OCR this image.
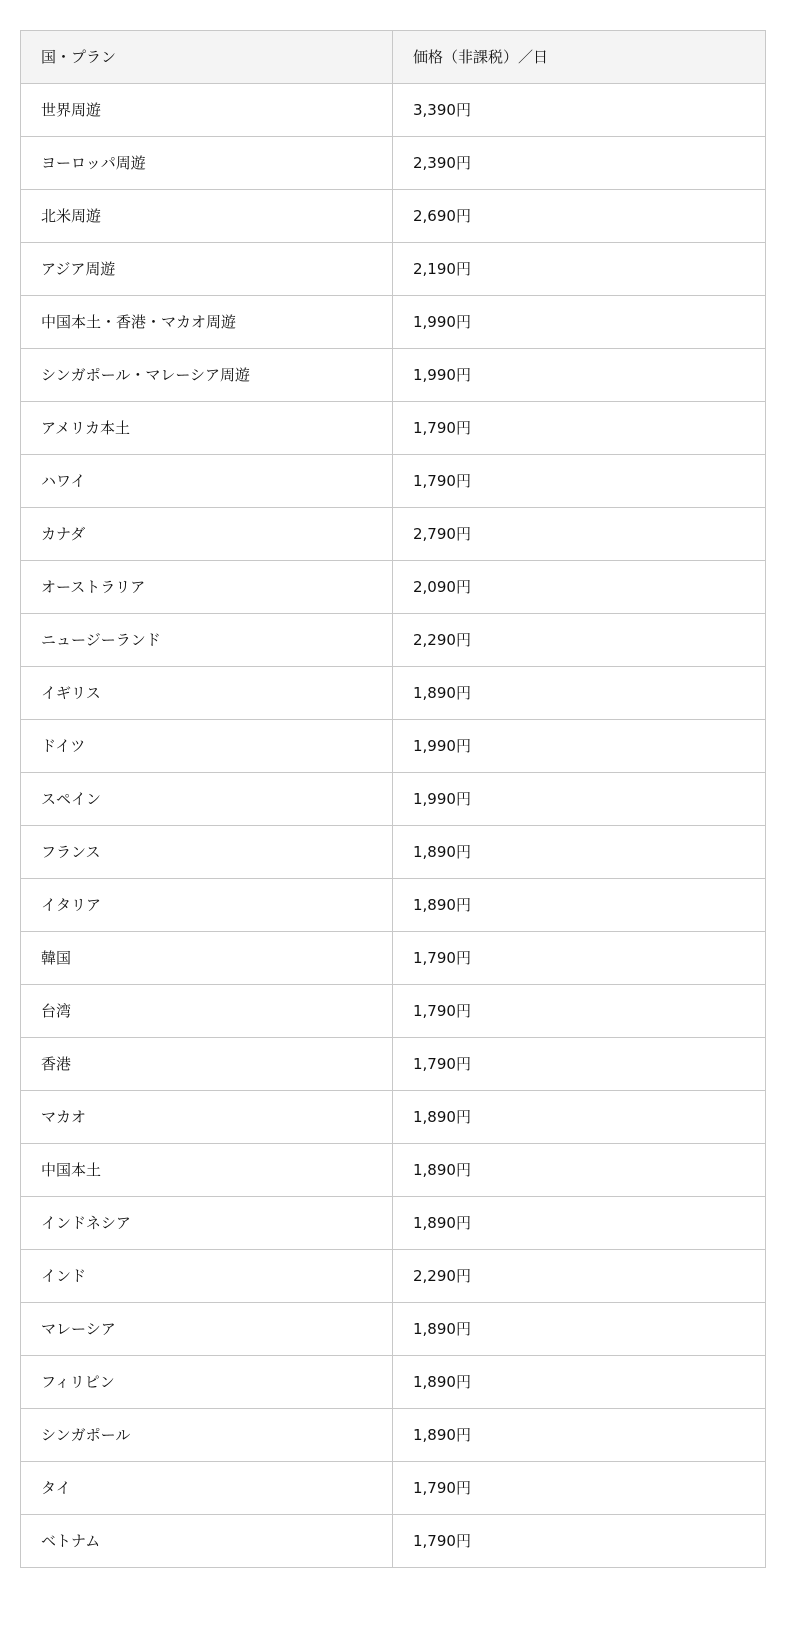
国・プラン	価格（非課税）／日
世界周遊	3,390円
ヨーロッパ周遊	2,390円
北米周遊	2,690円
アジア周遊	2,190円
中国本土・香港・マカオ周遊	1,990円
シンガポール・マレーシア周遊	1,990円
アメリカ本土	1,790円
ハワイ	1,790円
カナダ	2,790円
オーストラリア	2,090円
ニュージーランド	2,290円
イギリス	1,890円
ドイツ	1,990円
スペイン	1,990円
フランス	1,890円
イタリア	1,890円
韓国	1,790円
台湾	1,790円
香港	1,790円
マカオ	1,890円
中国本土	1,890円
インドネシア	1,890円
インド	2,290円
マレーシア	1,890円
フィリピン	1,890円
シンガポール	1,890円
タイ	1,790円
ベトナム	1,790円
